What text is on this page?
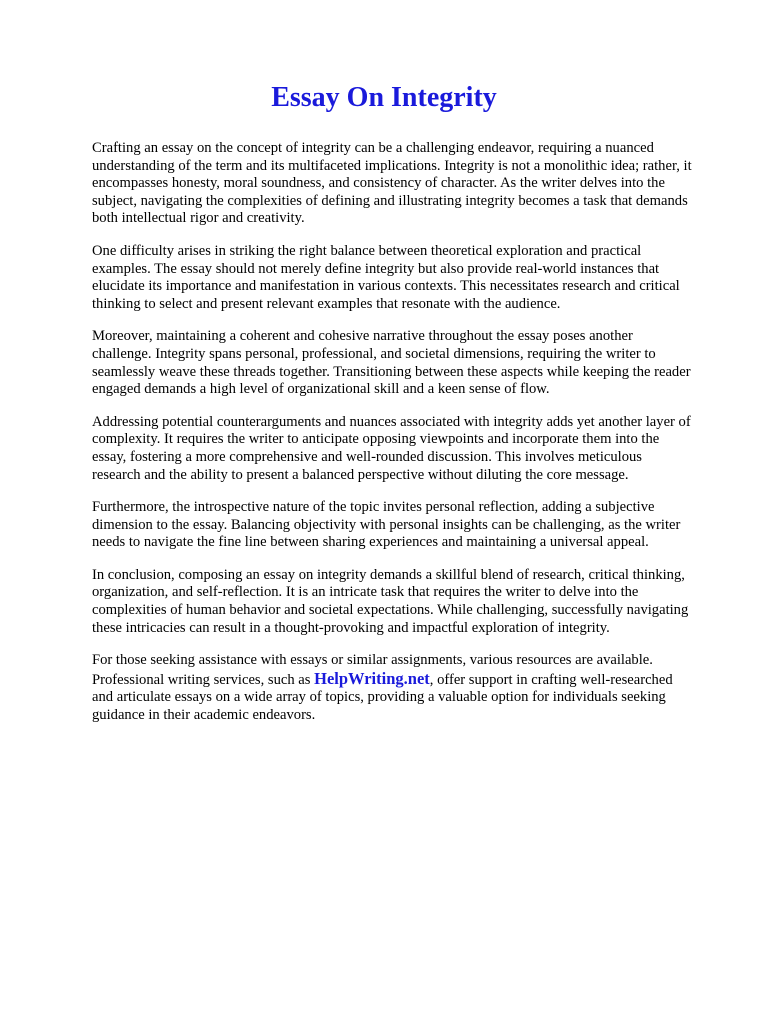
Essay On Integrity

Crafting an essay on the concept of integrity can be a challenging endeavor, requiring a nuanced understanding of the term and its multifaceted implications. Integrity is not a monolithic idea; rather, it encompasses honesty, moral soundness, and consistency of character. As the writer delves into the subject, navigating the complexities of defining and illustrating integrity becomes a task that demands both intellectual rigor and creativity.

One difficulty arises in striking the right balance between theoretical exploration and practical examples. The essay should not merely define integrity but also provide real-world instances that elucidate its importance and manifestation in various contexts. This necessitates research and critical thinking to select and present relevant examples that resonate with the audience.

Moreover, maintaining a coherent and cohesive narrative throughout the essay poses another challenge. Integrity spans personal, professional, and societal dimensions, requiring the writer to seamlessly weave these threads together. Transitioning between these aspects while keeping the reader engaged demands a high level of organizational skill and a keen sense of flow.

Addressing potential counterarguments and nuances associated with integrity adds yet another layer of complexity. It requires the writer to anticipate opposing viewpoints and incorporate them into the essay, fostering a more comprehensive and well-rounded discussion. This involves meticulous research and the ability to present a balanced perspective without diluting the core message.

Furthermore, the introspective nature of the topic invites personal reflection, adding a subjective dimension to the essay. Balancing objectivity with personal insights can be challenging, as the writer needs to navigate the fine line between sharing experiences and maintaining a universal appeal.

In conclusion, composing an essay on integrity demands a skillful blend of research, critical thinking, organization, and self-reflection. It is an intricate task that requires the writer to delve into the complexities of human behavior and societal expectations. While challenging, successfully navigating these intricacies can result in a thought-provoking and impactful exploration of integrity.

For those seeking assistance with essays or similar assignments, various resources are available. Professional writing services, such as HelpWriting.net, offer support in crafting well-researched and articulate essays on a wide array of topics, providing a valuable option for individuals seeking guidance in their academic endeavors.
